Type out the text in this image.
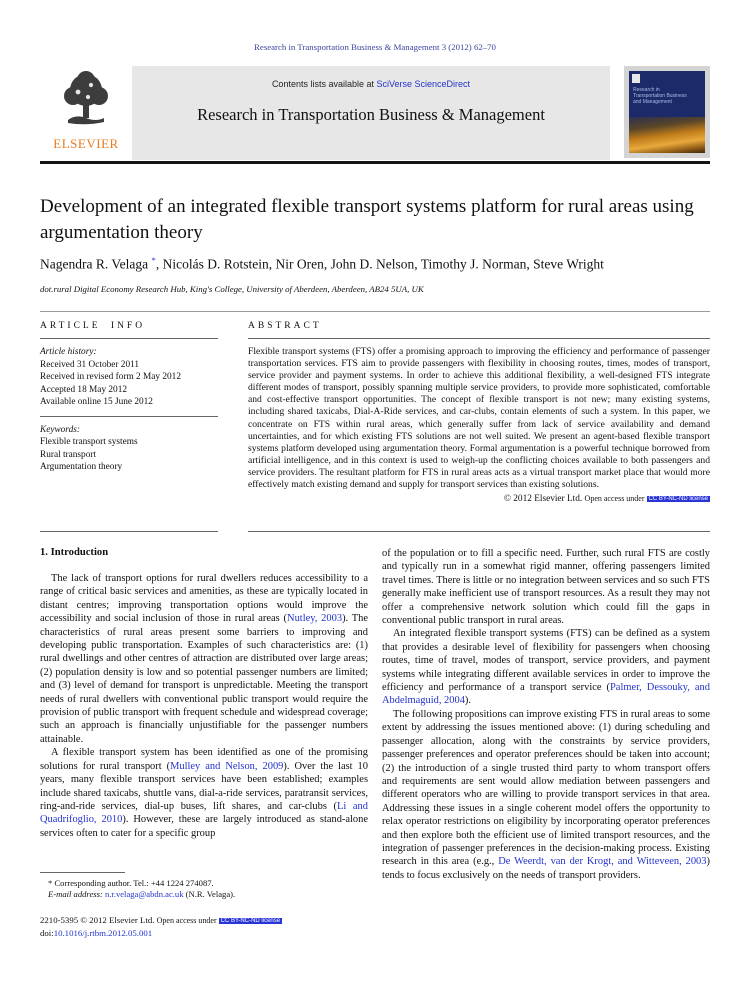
Research in Transportation Business & Management 3 (2012) 62–70
ELSEVIER
Contents lists available at SciVerse ScienceDirect
Research in Transportation Business & Management
Research in
Transportation Business
and Management
Development of an integrated flexible transport systems platform for rural areas using argumentation theory
Nagendra R. Velaga *, Nicolás D. Rotstein, Nir Oren, John D. Nelson, Timothy J. Norman, Steve Wright
dot.rural Digital Economy Research Hub, King's College, University of Aberdeen, Aberdeen, AB24 5UA, UK
ARTICLE INFO
Article history:
Received 31 October 2011
Received in revised form 2 May 2012
Accepted 18 May 2012
Available online 15 June 2012
Keywords:
Flexible transport systems
Rural transport
Argumentation theory
ABSTRACT
Flexible transport systems (FTS) offer a promising approach to improving the efficiency and performance of passenger transportation services. FTS aim to provide passengers with flexibility in choosing routes, times, modes of transport, service provider and payment systems. In order to achieve this additional flexibility, a well-designed FTS integrate different modes of transport, possibly spanning multiple service providers, to provide more sophisticated, comfortable and cost-effective transport opportunities. The concept of flexible transport is not new; many existing systems, including shared taxicabs, Dial-A-Ride services, and car-clubs, contain elements of such a system. In this paper, we concentrate on FTS within rural areas, which generally suffer from lack of service availability and demand uncertainties, and for which existing FTS solutions are not well suited. We present an agent-based flexible transport systems platform developed using argumentation theory. Formal argumentation is a powerful technique borrowed from artificial intelligence, and in this context is used to weigh-up the conflicting choices available to both passengers and service providers. The resultant platform for FTS in rural areas acts as a virtual transport market place that would more effectively match existing demand and supply for transport services than existing solutions.
© 2012 Elsevier Ltd. Open access under CC BY-NC-ND license
1. Introduction

The lack of transport options for rural dwellers reduces accessibility to a range of critical basic services and amenities, as these are typically located in distant centres; improving transportation options would improve the accessibility and social inclusion of those in rural areas (Nutley, 2003). The characteristics of rural areas present some barriers to improving and developing public transportation. Examples of such characteristics are: (1) rural dwellings and other centres of attraction are distributed over large areas; (2) population density is low and so potential passenger numbers are limited; and (3) level of demand for transport is unpredictable. Meeting the transport needs of rural dwellers with conventional public transport would require the provision of public transport with frequent schedule and widespread coverage; such an approach is financially unjustifiable for the passenger numbers attainable.

A flexible transport system has been identified as one of the promising solutions for rural transport (Mulley and Nelson, 2009). Over the last 10 years, many flexible transport services have been established; examples include shared taxicabs, shuttle vans, dial-a-ride services, paratransit services, ring-and-ride services, dial-up buses, lift shares, and car-clubs (Li and Quadrifoglio, 2010). However, these are largely introduced as stand-alone services often to cater for a specific group

of the population or to fill a specific need. Further, such rural FTS are costly and typically run in a somewhat rigid manner, offering passengers limited travel times. There is little or no integration between services and so such FTS generally make inefficient use of transport resources. As a result they may not offer a comprehensive network solution which could fill the gaps in conventional public transport in rural areas.

An integrated flexible transport systems (FTS) can be defined as a system that provides a desirable level of flexibility for passengers when choosing routes, time of travel, modes of transport, service providers, and payment systems while integrating different available services in order to improve the efficiency and performance of a transport service (Palmer, Dessouky, and Abdelmaguid, 2004).

The following propositions can improve existing FTS in rural areas to some extent by addressing the issues mentioned above: (1) during scheduling and passenger allocation, along with the constraints by service providers, passenger preferences and operator preferences should be taken into account; (2) the introduction of a single trusted third party to whom transport offers and requirements are sent would allow mediation between passengers and different operators who are willing to provide transport services in that area. Addressing these issues in a single coherent model offers the opportunity to relax operator restrictions on eligibility by incorporating operator preferences and then explore both the efficient use of limited transport resources, and the integration of passenger preferences in the decision-making process. Existing research in this area (e.g., De Weerdt, van der Krogt, and Witteveen, 2003) tends to focus exclusively on the needs of transport providers.

* Corresponding author. Tel.: +44 1224 274087.
E-mail address: n.r.velaga@abdn.ac.uk (N.R. Velaga).
2210-5395 © 2012 Elsevier Ltd. Open access under CC BY-NC-ND license
doi:10.1016/j.rtbm.2012.05.001
